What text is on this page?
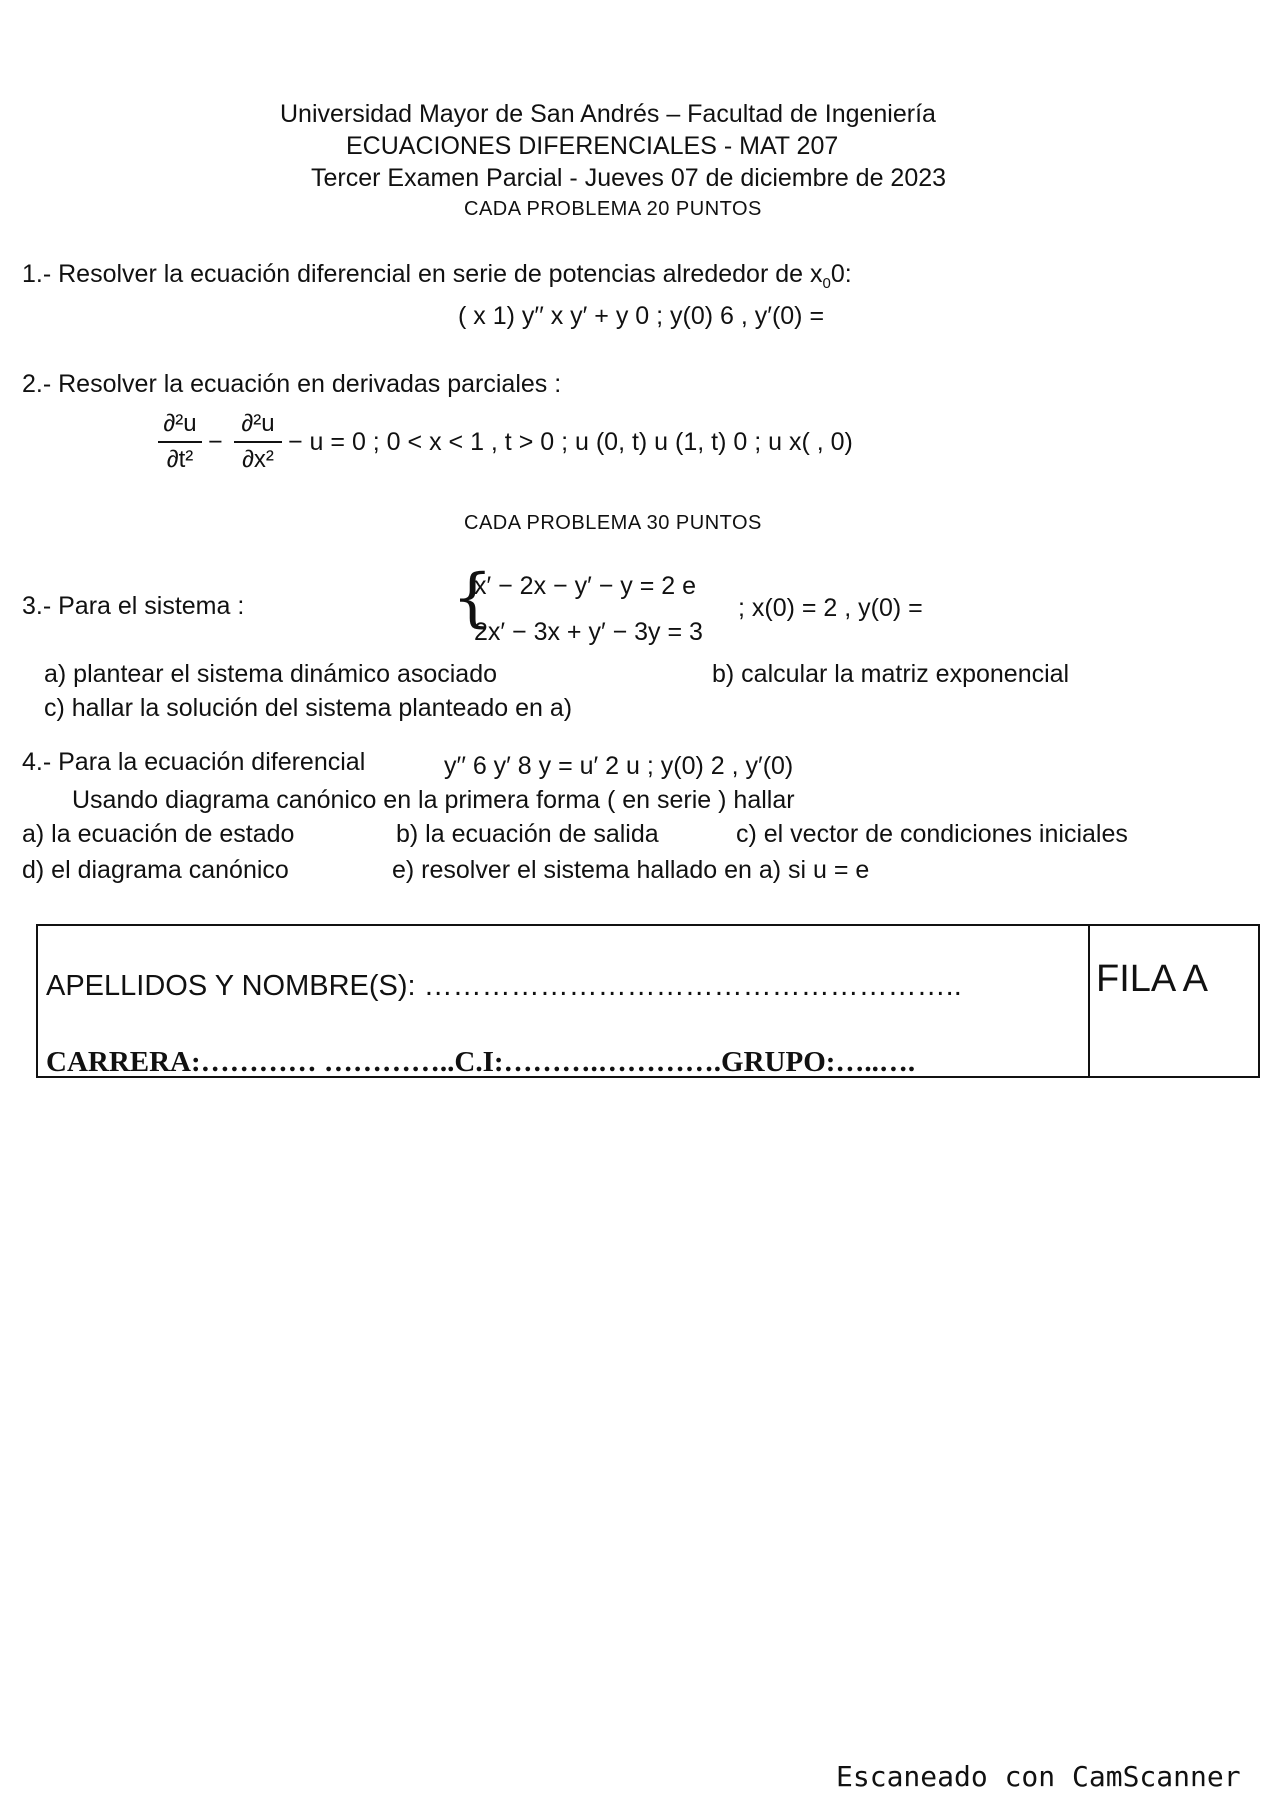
Universidad Mayor de San Andrés – Facultad de Ingeniería
ECUACIONES DIFERENCIALES - MAT 207
Tercer Examen Parcial - Jueves 07 de diciembre de 2023
CADA PROBLEMA 20 PUNTOS
1.- Resolver la ecuación diferencial en serie de potencias alrededor de $x_00$:
( x 1) y′′ x y′ + y 0 ; y(0) 6 , y′(0) =
2.- Resolver la ecuación en derivadas parciales :
∂²u
∂t²
−
∂²u
∂x²
− u = 0 ; 0 < x < 1 , t > 0 ; u (0, t) u (1, t) 0 ; u x( , 0)
CADA PROBLEMA 30 PUNTOS
3.- Para el sistema :	{
x′ − 2x − y′ − y = 2 e
2x′ − 3x + y′ − 3y = 3
; x(0) = 2 , y(0) =
a) plantear el sistema dinámico asociado	b) calcular la matriz exponencial
c) hallar la solución del sistema planteado en a)
4.- Para la ecuación diferencial	y′′ 6 y′ 8 y = u′ 2 u ; y(0) 2 , y′(0)
Usando diagrama canónico en la primera forma ( en serie ) hallar
a) la ecuación de estado	b) la ecuación de salida	c) el vector de condiciones iniciales
d) el diagrama canónico	e) resolver el sistema hallado en a) si u = e
APELLIDOS Y NOMBRE(S): ………………………………………………..
CARRERA:………… …………..C.I:……….………….GRUPO:…..….
FILA A
Escaneado con CamScanner
